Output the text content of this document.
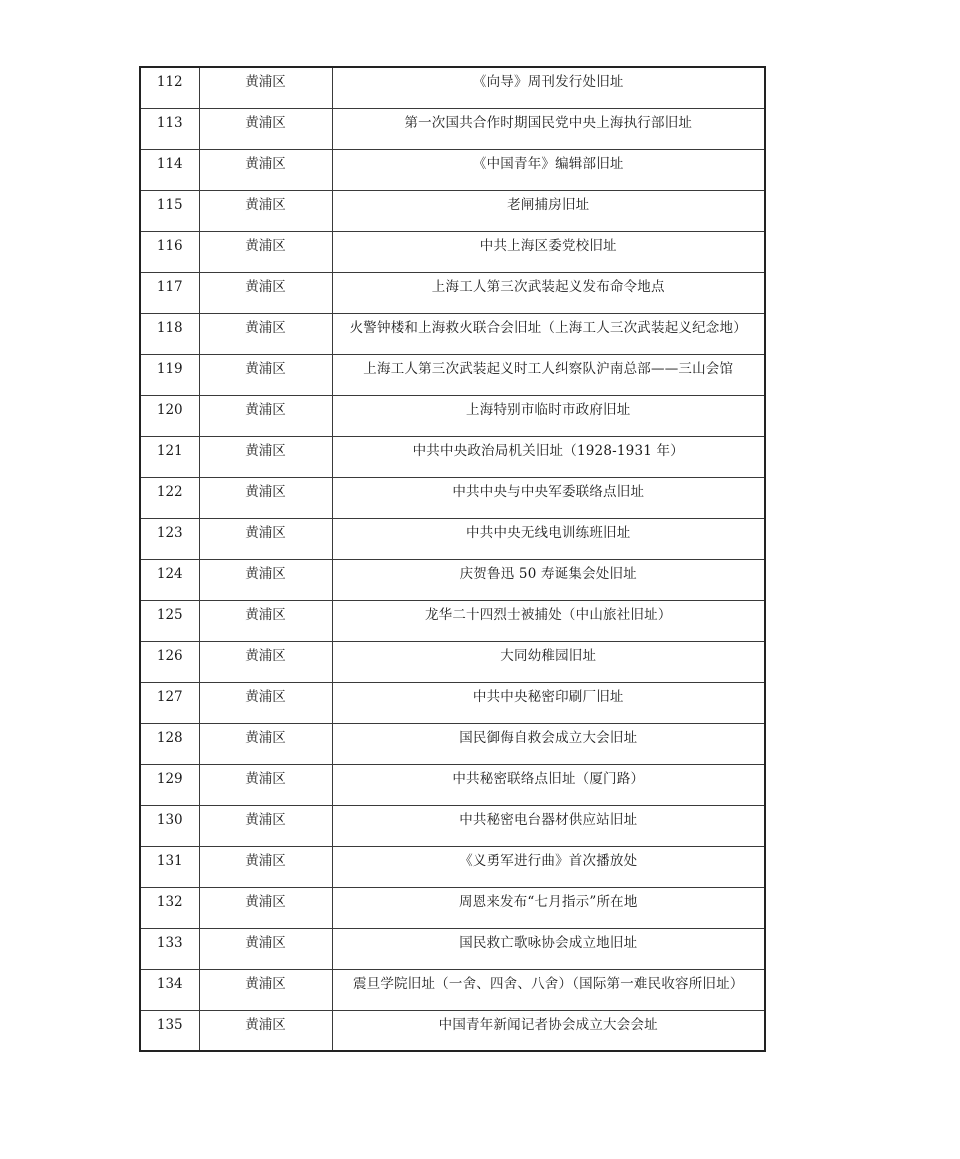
112	黄浦区	《向导》周刊发行处旧址

113	黄浦区	第一次国共合作时期国民党中央上海执行部旧址

114	黄浦区	《中国青年》编辑部旧址

115	黄浦区	老闸捕房旧址

116	黄浦区	中共上海区委党校旧址

117	黄浦区	上海工人第三次武装起义发布命令地点

118	黄浦区	火警钟楼和上海救火联合会旧址（上海工人三次武装起义纪念地）

119	黄浦区	上海工人第三次武装起义时工人纠察队沪南总部——三山会馆

120	黄浦区	上海特别市临时市政府旧址

121	黄浦区	中共中央政治局机关旧址（1928-1931 年）

122	黄浦区	中共中央与中央军委联络点旧址

123	黄浦区	中共中央无线电训练班旧址

124	黄浦区	庆贺鲁迅 50 寿诞集会处旧址

125	黄浦区	龙华二十四烈士被捕处（中山旅社旧址）

126	黄浦区	大同幼稚园旧址

127	黄浦区	中共中央秘密印刷厂旧址

128	黄浦区	国民御侮自救会成立大会旧址

129	黄浦区	中共秘密联络点旧址（厦门路）

130	黄浦区	中共秘密电台器材供应站旧址

131	黄浦区	《义勇军进行曲》首次播放处

132	黄浦区	周恩来发布“七月指示”所在地

133	黄浦区	国民救亡歌咏协会成立地旧址

134	黄浦区	震旦学院旧址（一舍、四舍、八舍）（国际第一难民收容所旧址）

135	黄浦区	中国青年新闻记者协会成立大会会址
